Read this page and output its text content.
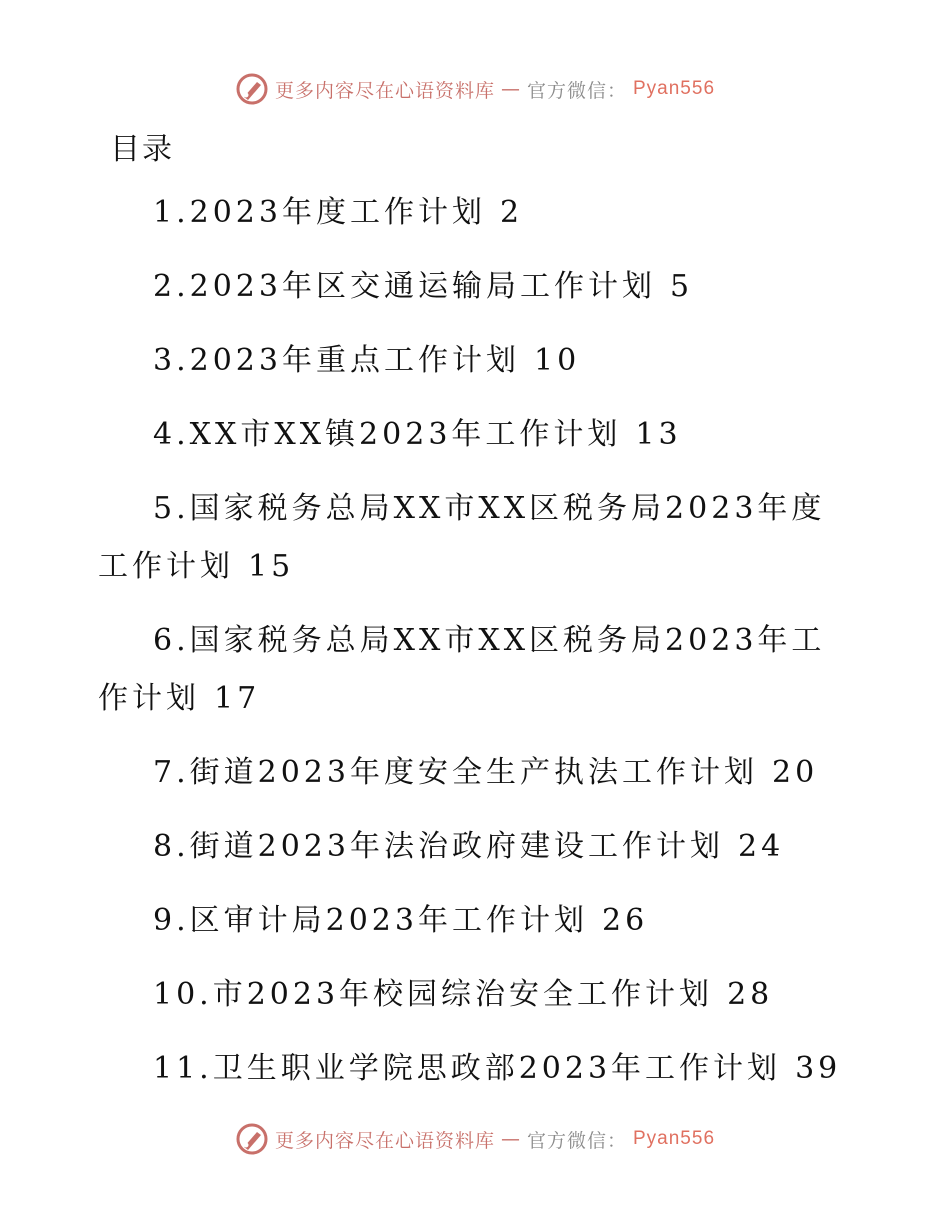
更多内容尽在心语资料库 — 官方微信： Pyan556
目录
1.2023年度工作计划 2
2.2023年区交通运输局工作计划 5
3.2023年重点工作计划 10
4.XX市XX镇2023年工作计划 13
5.国家税务总局XX市XX区税务局2023年度工作计划 15
6.国家税务总局XX市XX区税务局2023年工作计划 17
7.街道2023年度安全生产执法工作计划 20
8.街道2023年法治政府建设工作计划 24
9.区审计局2023年工作计划 26
10.市2023年校园综治安全工作计划 28
11.卫生职业学院思政部2023年工作计划 39
更多内容尽在心语资料库 — 官方微信： Pyan556
